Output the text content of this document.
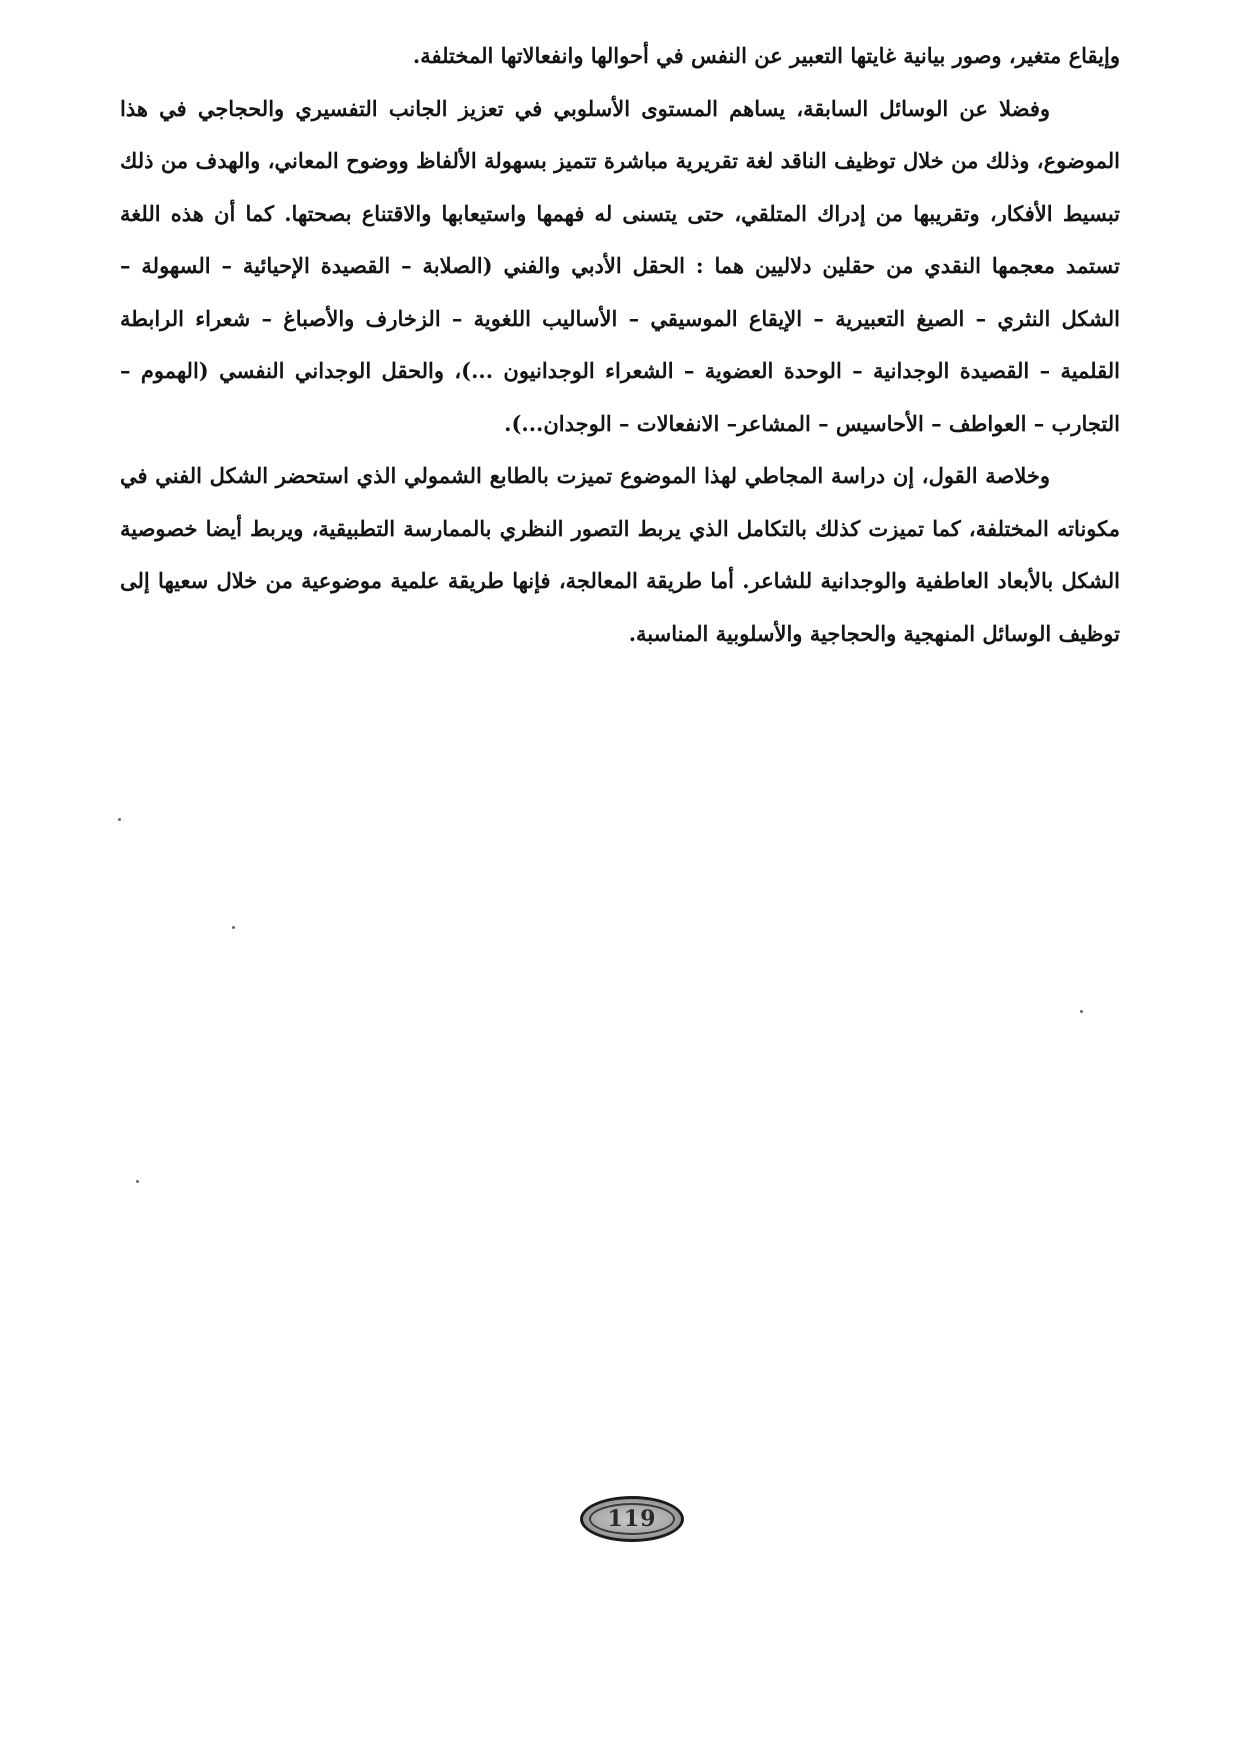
وإيقاع متغير، وصور بيانية غايتها التعبير عن النفس في أحوالها وانفعالاتها المختلفة.

وفضلا عن الوسائل السابقة، يساهم المستوى الأسلوبي في تعزيز الجانب التفسيري والحجاجي في هذا الموضوع، وذلك من خلال توظيف الناقد لغة تقريرية مباشرة تتميز بسهولة الألفاظ ووضوح المعاني، والهدف من ذلك تبسيط الأفكار، وتقريبها من إدراك المتلقي، حتى يتسنى له فهمها واستيعابها والاقتناع بصحتها. كما أن هذه اللغة تستمد معجمها النقدي من حقلين دلاليين هما : الحقل الأدبي والفني (الصلابة – القصيدة الإحيائية – السهولة – الشكل النثري – الصيغ التعبيرية – الإيقاع الموسيقي – الأساليب اللغوية – الزخارف والأصباغ – شعراء الرابطة القلمية – القصيدة الوجدانية – الوحدة العضوية – الشعراء الوجدانيون ...)، والحقل الوجداني النفسي (الهموم – التجارب – العواطف – الأحاسيس – المشاعر– الانفعالات – الوجدان...).

وخلاصة القول، إن دراسة المجاطي لهذا الموضوع تميزت بالطابع الشمولي الذي استحضر الشكل الفني في مكوناته المختلفة، كما تميزت كذلك بالتكامل الذي يربط التصور النظري بالممارسة التطبيقية، ويربط أيضا خصوصية الشكل بالأبعاد العاطفية والوجدانية للشاعر. أما طريقة المعالجة، فإنها طريقة علمية موضوعية من خلال سعيها إلى توظيف الوسائل المنهجية والحجاجية والأسلوبية المناسبة.

119
